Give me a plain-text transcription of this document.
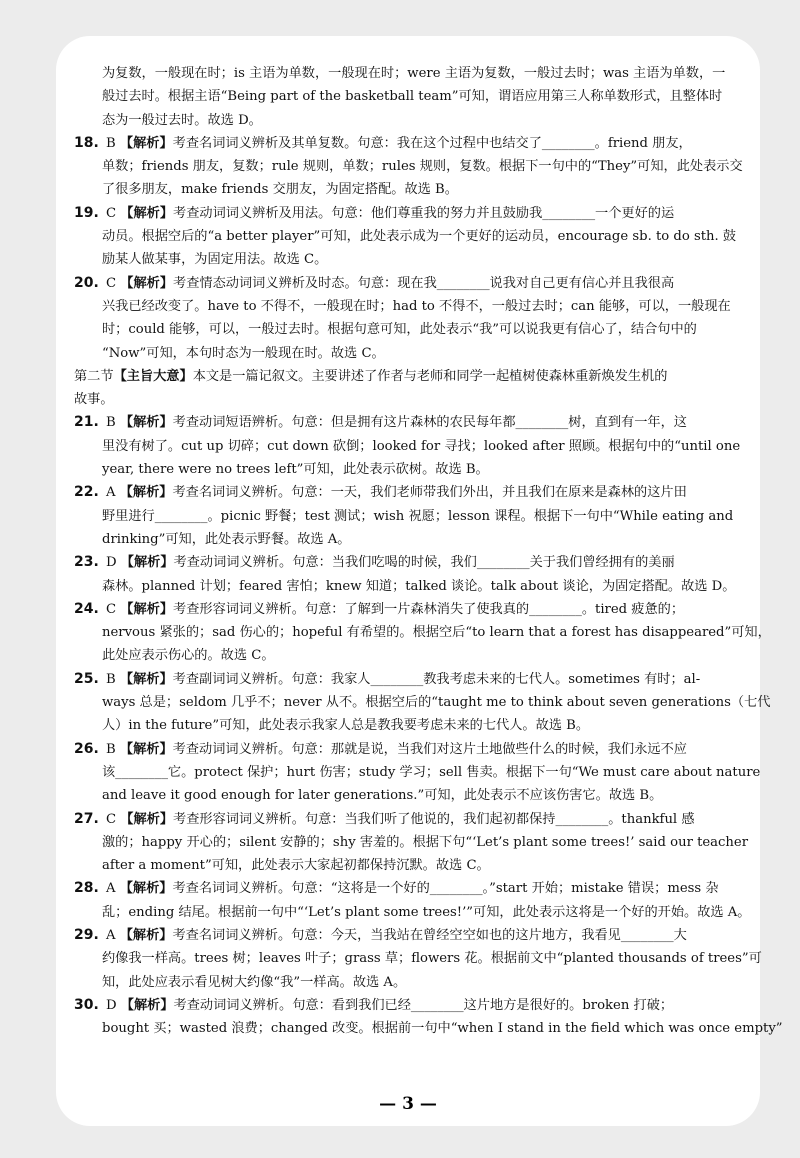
为复数，一般现在时；is 主语为单数，一般现在时；were 主语为复数，一般过去时；was 主语为单数，一
般过去时。根据主语“Being part of the basketball team”可知，谓语应用第三人称单数形式，且整体时
态为一般过去时。故选 D。
18. B 【解析】考查名词词义辨析及其单复数。句意：我在这个过程中也结交了________。friend 朋友，
单数；friends 朋友，复数；rule 规则，单数；rules 规则，复数。根据下一句中的“They”可知，此处表示交
了很多朋友，make friends 交朋友，为固定搭配。故选 B。
19. C 【解析】考查动词词义辨析及用法。句意：他们尊重我的努力并且鼓励我________一个更好的运
动员。根据空后的“a better player”可知，此处表示成为一个更好的运动员，encourage sb. to do sth. 鼓
励某人做某事，为固定用法。故选 C。
20. C 【解析】考查情态动词词义辨析及时态。句意：现在我________说我对自己更有信心并且我很高
兴我已经改变了。have to 不得不，一般现在时；had to 不得不，一般过去时；can 能够，可以，一般现在
时；could 能够，可以，一般过去时。根据句意可知，此处表示“我”可以说我更有信心了，结合句中的
“Now”可知，本句时态为一般现在时。故选 C。
第二节【主旨大意】本文是一篇记叙文。主要讲述了作者与老师和同学一起植树使森林重新焕发生机的
故事。
21. B 【解析】考查动词短语辨析。句意：但是拥有这片森林的农民每年都________树，直到有一年，这
里没有树了。cut up 切碎；cut down 砍倒；looked for 寻找；looked after 照顾。根据句中的“until one
year, there were no trees left”可知，此处表示砍树。故选 B。
22. A 【解析】考查名词词义辨析。句意：一天，我们老师带我们外出，并且我们在原来是森林的这片田
野里进行________。picnic 野餐；test 测试；wish 祝愿；lesson 课程。根据下一句中“While eating and
drinking”可知，此处表示野餐。故选 A。
23. D 【解析】考查动词词义辨析。句意：当我们吃喝的时候，我们________关于我们曾经拥有的美丽
森林。planned 计划；feared 害怕；knew 知道；talked 谈论。talk about 谈论，为固定搭配。故选 D。
24. C 【解析】考查形容词词义辨析。句意：了解到一片森林消失了使我真的________。tired 疲惫的；
nervous 紧张的；sad 伤心的；hopeful 有希望的。根据空后“to learn that a forest has disappeared”可知，
此处应表示伤心的。故选 C。
25. B 【解析】考查副词词义辨析。句意：我家人________教我考虑未来的七代人。sometimes 有时；al-
ways 总是；seldom 几乎不；never 从不。根据空后的“taught me to think about seven generations（七代
人）in the future”可知，此处表示我家人总是教我要考虑未来的七代人。故选 B。
26. B 【解析】考查动词词义辨析。句意：那就是说，当我们对这片土地做些什么的时候，我们永远不应
该________它。protect 保护；hurt 伤害；study 学习；sell 售卖。根据下一句“We must care about nature
and leave it good enough for later generations.”可知，此处表示不应该伤害它。故选 B。
27. C 【解析】考查形容词词义辨析。句意：当我们听了他说的，我们起初都保持________。thankful 感
激的；happy 开心的；silent 安静的；shy 害羞的。根据下句“‘Let’s plant some trees!’ said our teacher
after a moment”可知，此处表示大家起初都保持沉默。故选 C。
28. A 【解析】考查名词词义辨析。句意：“这将是一个好的________。”start 开始；mistake 错误；mess 杂
乱；ending 结尾。根据前一句中“‘Let’s plant some trees!’”可知，此处表示这将是一个好的开始。故选 A。
29. A 【解析】考查名词词义辨析。句意：今天，当我站在曾经空空如也的这片地方，我看见________大
约像我一样高。trees 树；leaves 叶子；grass 草；flowers 花。根据前文中“planted thousands of trees”可
知，此处应表示看见树大约像“我”一样高。故选 A。
30. D 【解析】考查动词词义辨析。句意：看到我们已经________这片地方是很好的。broken 打破；
bought 买；wasted 浪费；changed 改变。根据前一句中“when I stand in the field which was once empty”
— 3 —
